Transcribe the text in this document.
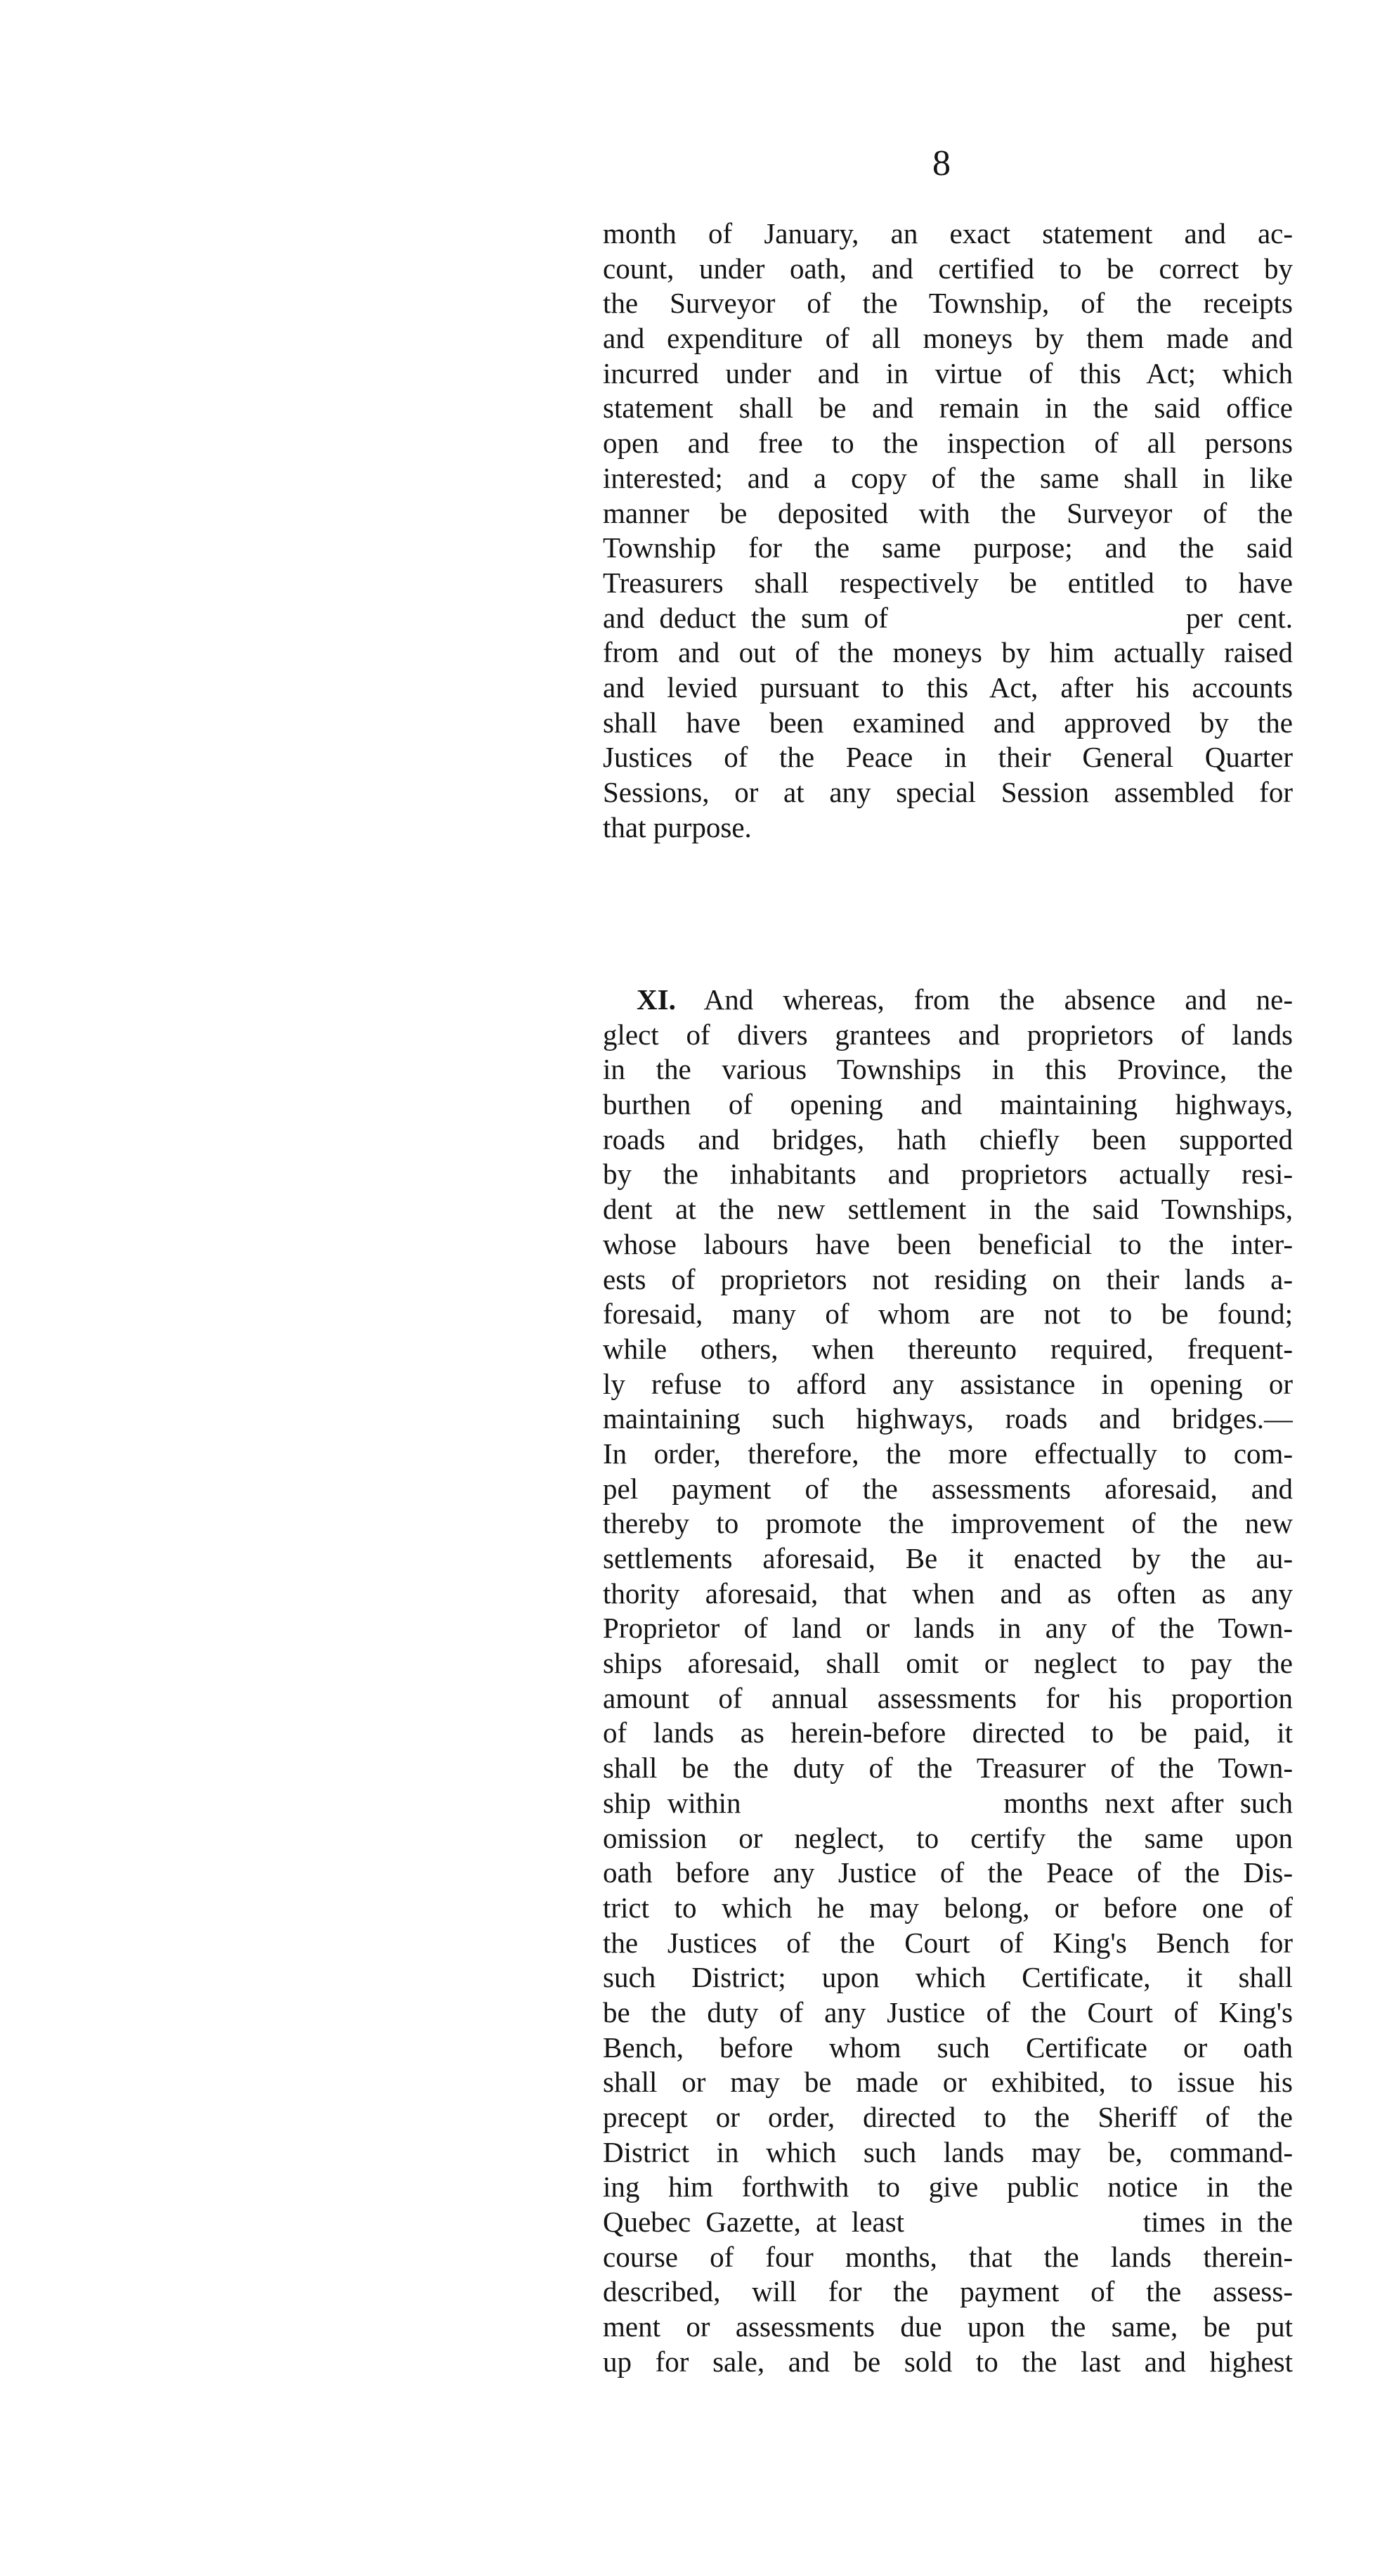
8
month of January, an exact statement and ac-
count, under oath, and certified to be correct by
the Surveyor of the Township, of the receipts
and expenditure of all moneys by them made and
incurred under and in virtue of this Act; which
statement shall be and remain in the said office
open and free to the inspection of all persons
interested; and a copy of the same shall in like
manner be deposited with the Surveyor of the
Township for the same purpose; and the said
Treasurers shall respectively be entitled to have
and deduct the sum of                    per cent.
from and out of the moneys by him actually raised
and levied pursuant to this Act, after his accounts
shall have been examined and approved by the
Justices of the Peace in their General Quarter
Sessions, or at any special Session assembled for
that purpose.
XI. And whereas, from the absence and ne-
glect of divers grantees and proprietors of lands
in the various Townships in this Province, the
burthen of opening and maintaining highways,
roads and bridges, hath chiefly been supported
by the inhabitants and proprietors actually resi-
dent at the new settlement in the said Townships,
whose labours have been beneficial to the inter-
ests of proprietors not residing on their lands a-
foresaid, many of whom are not to be found;
while others, when thereunto required, frequent-
ly refuse to afford any assistance in opening or
maintaining such highways, roads and bridges.—
In order, therefore, the more effectually to com-
pel payment of the assessments aforesaid, and
thereby to promote the improvement of the new
settlements aforesaid, Be it enacted by the au-
thority aforesaid, that when and as often as any
Proprietor of land or lands in any of the Town-
ships aforesaid, shall omit or neglect to pay the
amount of annual assessments for his proportion
of lands as herein-before directed to be paid, it
shall be the duty of the Treasurer of the Town-
ship within                months next after such
omission or neglect, to certify the same upon
oath before any Justice of the Peace of the Dis-
trict to which he may belong, or before one of
the Justices of the Court of King's Bench for
such District; upon which Certificate, it shall
be the duty of any Justice of the Court of King's
Bench, before whom such Certificate or oath
shall or may be made or exhibited, to issue his
precept or order, directed to the Sheriff of the
District in which such lands may be, command-
ing him forthwith to give public notice in the
Quebec Gazette, at least                times in the
course of four months, that the lands therein-
described, will for the payment of the assess-
ment or assessments due upon the same, be put
up for sale, and be sold to the last and highest
